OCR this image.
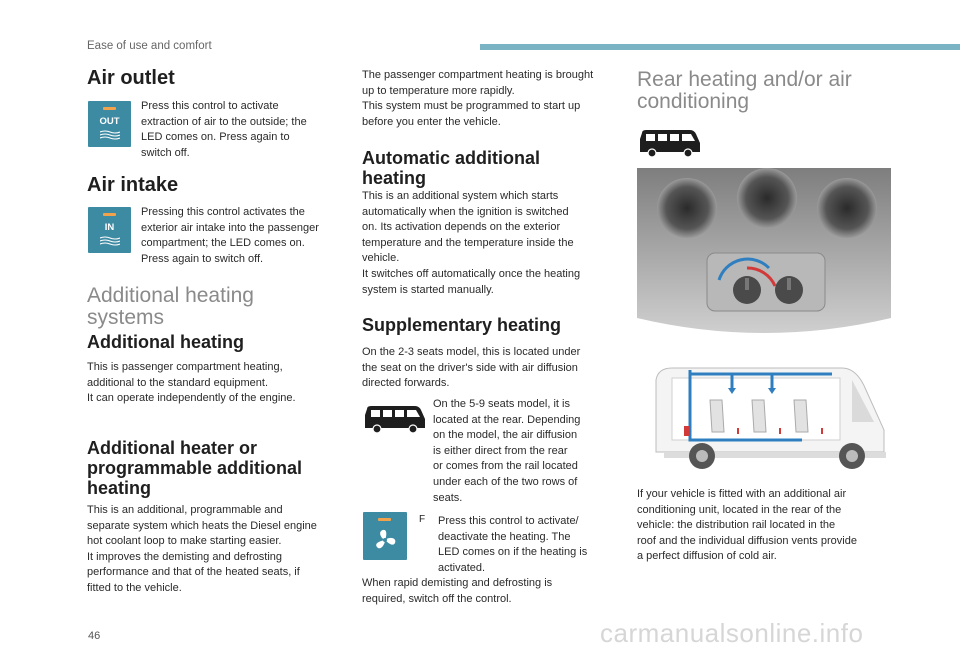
Ease of use and comfort
Air outlet
OUT

Press this control to activate
extraction of air to the outside; the
LED comes on. Press again to
switch off.

Air intake
IN

Pressing this control activates the
exterior air intake into the passenger
compartment; the LED comes on.
Press again to switch off.

Additional heating
systems
Additional heating

This is passenger compartment heating,
additional to the standard equipment.
It can operate independently of the engine.

Additional heater or
programmable additional
heating

This is an additional, programmable and
separate system which heats the Diesel engine
hot coolant loop to make starting easier.
It improves the demisting and defrosting
performance and that of the heated seats, if
fitted to the vehicle.

The passenger compartment heating is brought
up to temperature more rapidly.
This system must be programmed to start up
before you enter the vehicle.

Automatic additional
heating

This is an additional system which starts
automatically when the ignition is switched
on. Its activation depends on the exterior
temperature and the temperature inside the
vehicle.
It switches off automatically once the heating
system is started manually.

Supplementary heating

On the 2-3 seats model, this is located under
the seat on the driver's side with air diffusion
directed forwards.

On the 5-9 seats model, it is
located at the rear. Depending
on the model, the air diffusion
is either direct from the rear
or comes from the rail located
under each of the two rows of
seats.

F Press this control to activate/
deactivate the heating. The
LED comes on if the heating is
activated.

When rapid demisting and defrosting is
required, switch off the control.

Rear heating and/or air
conditioning

If your vehicle is fitted with an additional air
conditioning unit, located in the rear of the
vehicle: the distribution rail located in the
roof and the individual diffusion vents provide
a perfect diffusion of cold air.

46	carmanualsonline.info
